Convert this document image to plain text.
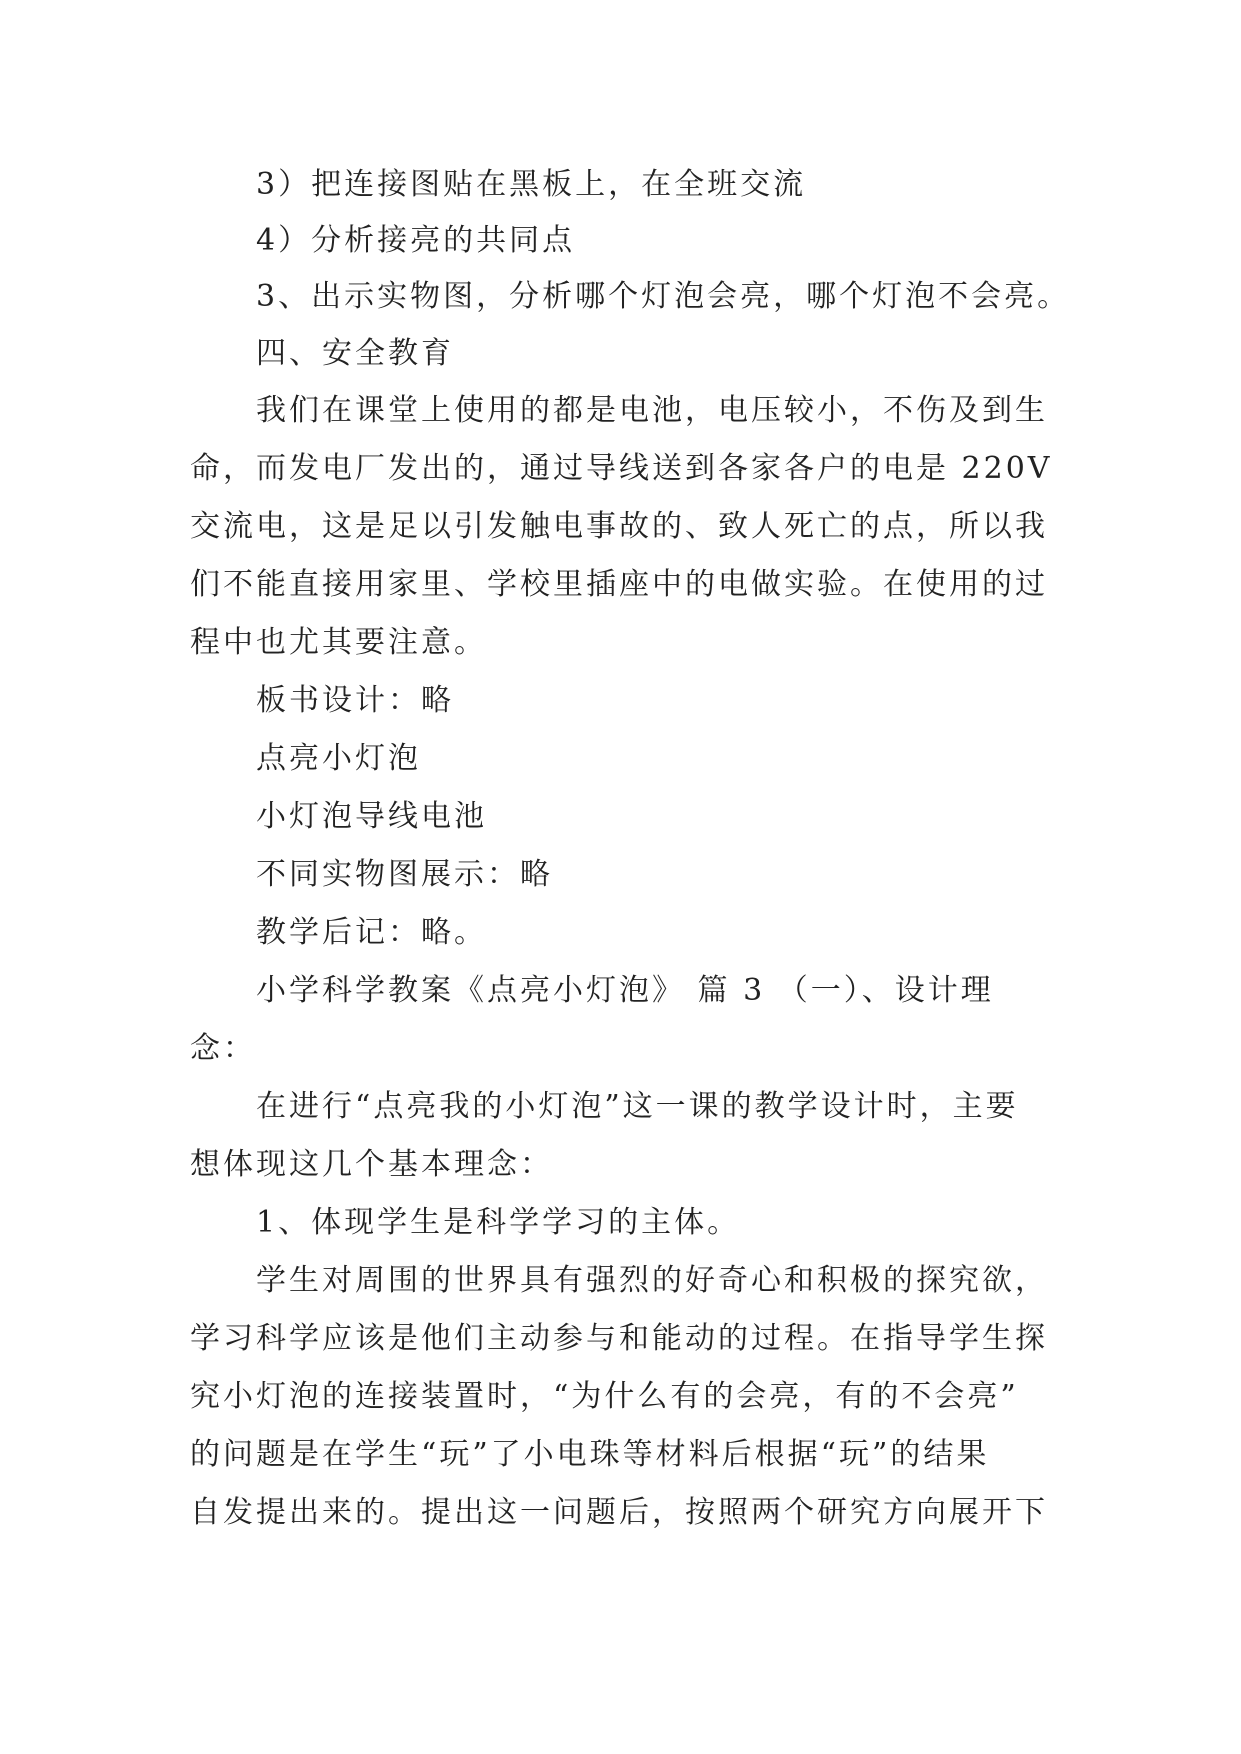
3）把连接图贴在黑板上，在全班交流
4）分析接亮的共同点
3、出示实物图，分析哪个灯泡会亮，哪个灯泡不会亮。
四、安全教育
我们在课堂上使用的都是电池，电压较小，不伤及到生
命，而发电厂发出的，通过导线送到各家各户的电是 220V
交流电，这是足以引发触电事故的、致人死亡的点，所以我
们不能直接用家里、学校里插座中的电做实验。在使用的过
程中也尤其要注意。
板书设计：略
点亮小灯泡
小灯泡导线电池
不同实物图展示：略
教学后记：略。
小学科学教案《点亮小灯泡》 篇 3 （一）、设计理
念：
在进行“点亮我的小灯泡”这一课的教学设计时，主要
想体现这几个基本理念：
1、体现学生是科学学习的主体。
学生对周围的世界具有强烈的好奇心和积极的探究欲，
学习科学应该是他们主动参与和能动的过程。在指导学生探
究小灯泡的连接装置时，“为什么有的会亮，有的不会亮”
的问题是在学生“玩”了小电珠等材料后根据“玩”的结果
自发提出来的。提出这一问题后，按照两个研究方向展开下
